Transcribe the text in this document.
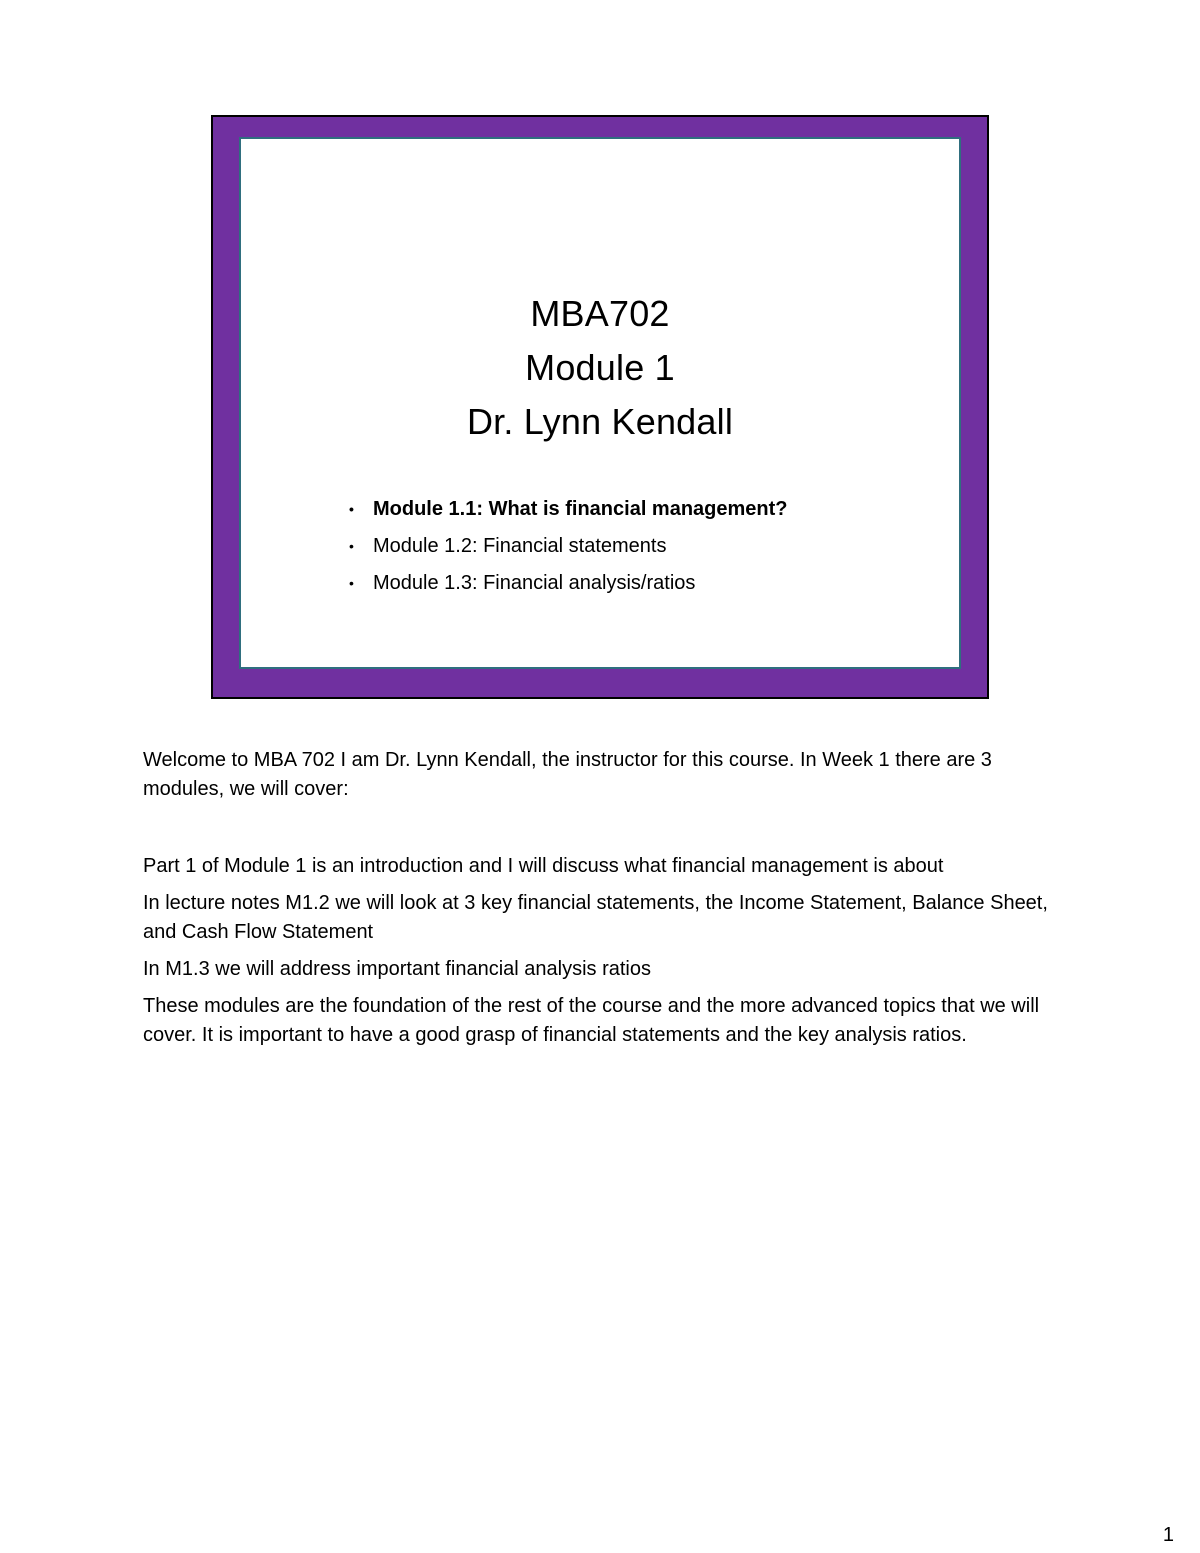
MBA702
Module 1
Dr. Lynn Kendall
• Module 1.1: What is financial management?
• Module 1.2: Financial statements
• Module 1.3: Financial analysis/ratios

Welcome to MBA 702 I am Dr. Lynn Kendall, the instructor for this course. In Week 1 there are 3 modules, we will cover:

Part 1 of Module 1 is an introduction and I will discuss what financial management is about

In lecture notes M1.2 we will look at 3 key financial statements, the Income Statement, Balance Sheet, and Cash Flow Statement

In M1.3 we will address important financial analysis ratios

These modules are the foundation of the rest of the course and the more advanced topics that we will cover. It is important to have a good grasp of financial statements and the key analysis ratios.

1
